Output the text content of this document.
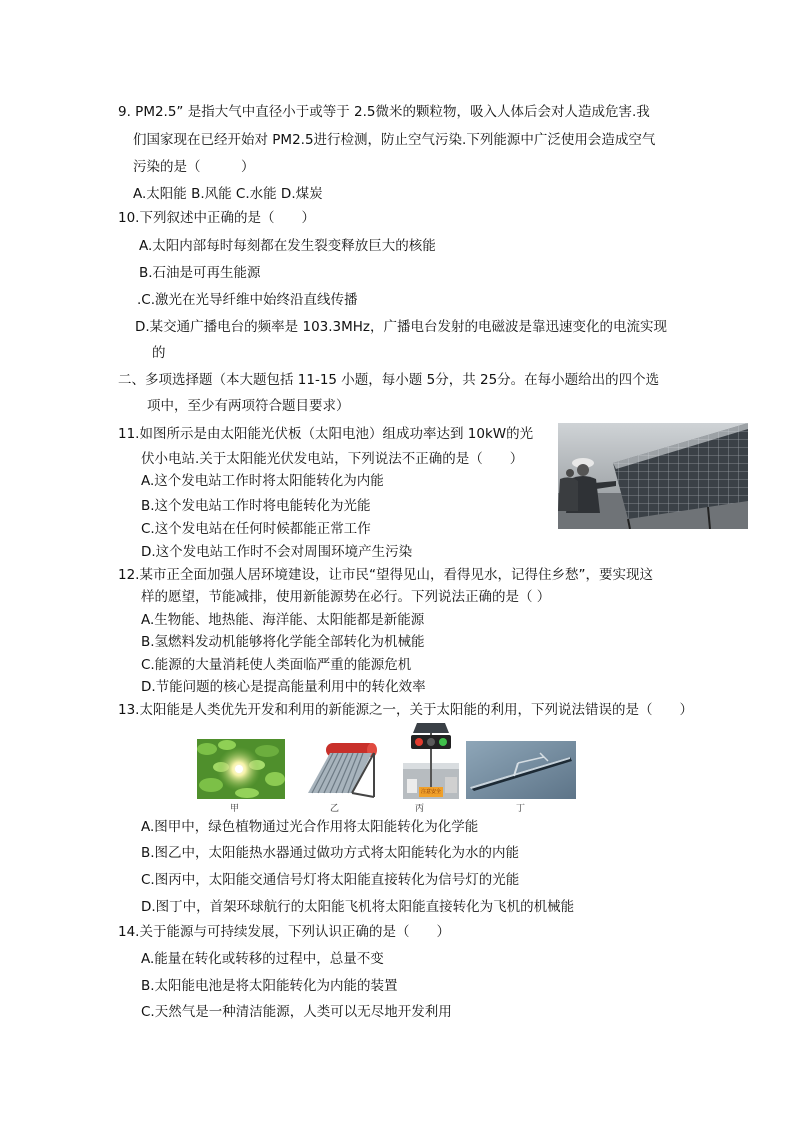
9. PM2.5” 是指大气中直径小于或等于 2.5微米的颗粒物，吸入人体后会对人造成危害.我
们国家现在已经开始对 PM2.5进行检测，防止空气污染.下列能源中广泛使用会造成空气
污染的是（　　　）
A.太阳能 B.风能 C.水能 D.煤炭
10.下列叙述中正确的是（　　）
A.太阳内部每时每刻都在发生裂变释放巨大的核能
B.石油是可再生能源
.C.激光在光导纤维中始终沿直线传播
D.某交通广播电台的频率是 103.3MHz，广播电台发射的电磁波是靠迅速变化的电流实现
的
二、多项选择题（本大题包括 11-15 小题，每小题 5分，共 25分。在每小题给出的四个选
项中，至少有两项符合题目要求）
11.如图所示是由太阳能光伏板（太阳电池）组成功率达到 10kW的光
伏小电站.关于太阳能光伏发电站，下列说法不正确的是（　　）
A.这个发电站工作时将太阳能转化为内能
B.这个发电站工作时将电能转化为光能
C.这个发电站在任何时候都能正常工作
D.这个发电站工作时不会对周围环境产生污染
12.某市正全面加强人居环境建设，让市民“望得见山，看得见水，记得住乡愁”，要实现这
样的愿望，节能减排，使用新能源势在必行。下列说法正确的是（ ）
A.生物能、地热能、海洋能、太阳能都是新能源
B.氢燃料发动机能够将化学能全部转化为机械能
C.能源的大量消耗使人类面临严重的能源危机
D.节能问题的核心是提高能量利用中的转化效率
13.太阳能是人类优先开发和利用的新能源之一，关于太阳能的利用，下列说法错误的是（　　）
甲	乙
注意安全
丙	丁
A.图甲中，绿色植物通过光合作用将太阳能转化为化学能
B.图乙中，太阳能热水器通过做功方式将太阳能转化为水的内能
C.图丙中，太阳能交通信号灯将太阳能直接转化为信号灯的光能
D.图丁中，首架环球航行的太阳能飞机将太阳能直接转化为飞机的机械能
14.关于能源与可持续发展，下列认识正确的是（　　）
A.能量在转化或转移的过程中，总量不变
B.太阳能电池是将太阳能转化为内能的装置
C.天然气是一种清洁能源，人类可以无尽地开发利用
